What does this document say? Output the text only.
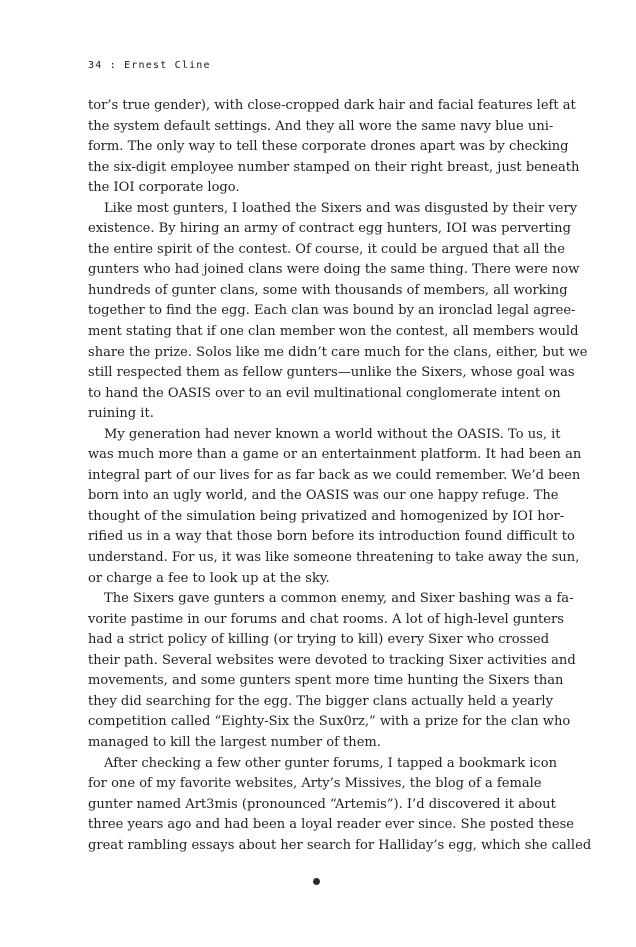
34 : Ernest Cline
tor’s true gender), with close-cropped dark hair and facial features left at
the system default settings. And they all wore the same navy blue uni-
form. The only way to tell these corporate drones apart was by checking
the six-digit employee number stamped on their right breast, just beneath
the IOI corporate logo.
Like most gunters, I loathed the Sixers and was disgusted by their very
existence. By hiring an army of contract egg hunters, IOI was perverting
the entire spirit of the contest. Of course, it could be argued that all the
gunters who had joined clans were doing the same thing. There were now
hundreds of gunter clans, some with thousands of members, all working
together to find the egg. Each clan was bound by an ironclad legal agree-
ment stating that if one clan member won the contest, all members would
share the prize. Solos like me didn’t care much for the clans, either, but we
still respected them as fellow gunters—unlike the Sixers, whose goal was
to hand the OASIS over to an evil multinational conglomerate intent on
ruining it.
My generation had never known a world without the OASIS. To us, it
was much more than a game or an entertainment platform. It had been an
integral part of our lives for as far back as we could remember. We’d been
born into an ugly world, and the OASIS was our one happy refuge. The
thought of the simulation being privatized and homogenized by IOI hor-
rified us in a way that those born before its introduction found difficult to
understand. For us, it was like someone threatening to take away the sun,
or charge a fee to look up at the sky.
The Sixers gave gunters a common enemy, and Sixer bashing was a fa-
vorite pastime in our forums and chat rooms. A lot of high-level gunters
had a strict policy of killing (or trying to kill) every Sixer who crossed
their path. Several websites were devoted to tracking Sixer activities and
movements, and some gunters spent more time hunting the Sixers than
they did searching for the egg. The bigger clans actually held a yearly
competition called “Eighty-Six the Sux0rz,” with a prize for the clan who
managed to kill the largest number of them.
After checking a few other gunter forums, I tapped a bookmark icon
for one of my favorite websites, Arty’s Missives, the blog of a female
gunter named Art3mis (pronounced “Artemis”). I’d discovered it about
three years ago and had been a loyal reader ever since. She posted these
great rambling essays about her search for Halliday’s egg, which she called
